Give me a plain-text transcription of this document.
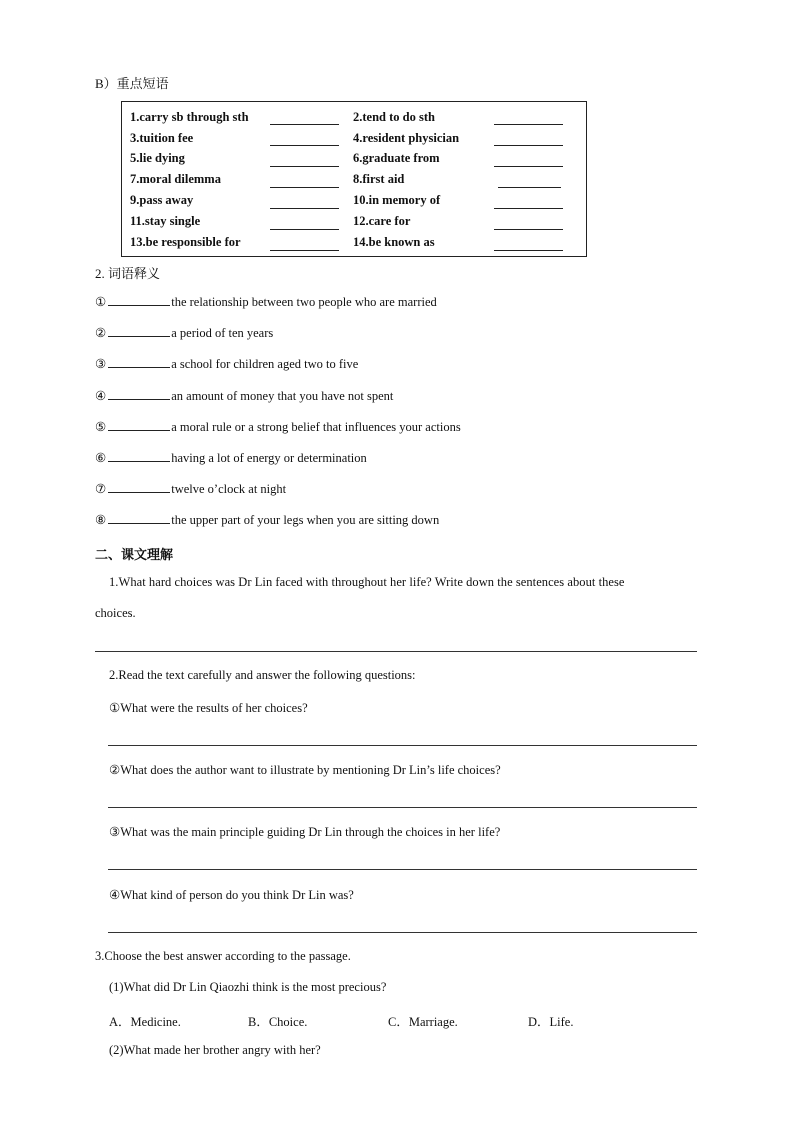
B）重点短语
1.carry sb through sth	2.tend to do sth
3.tuition fee	4.resident physician
5.lie dying	6.graduate from
7.moral dilemma	8.first aid
9.pass away	10.in memory of
11.stay single	12.care for
13.be responsible for	14.be known as
2. 词语释义
①	the relationship between two people who are married
②	a period of ten years
③	a school for children aged two to five
④	an amount of money that you have not spent
⑤	a moral rule or a strong belief that influences your actions
⑥	having a lot of energy or determination
⑦	twelve o’clock at night
⑧	the upper part of your legs when you are sitting down
二、课文理解
1.What hard choices was Dr Lin faced with throughout her life? Write down the sentences about these
choices.
2.Read the text carefully and answer the following questions:
①What were the results of her choices?
②What does the author want to illustrate by mentioning Dr Lin’s life choices?
③What was the main principle guiding Dr Lin through the choices in her life?
④What kind of person do you think Dr Lin was?
3.Choose the best answer according to the passage.
(1)What did Dr Lin Qiaozhi think is the most precious?
A．Medicine.	B．Choice.	C．Marriage.	D．Life.
(2)What made her brother angry with her?
